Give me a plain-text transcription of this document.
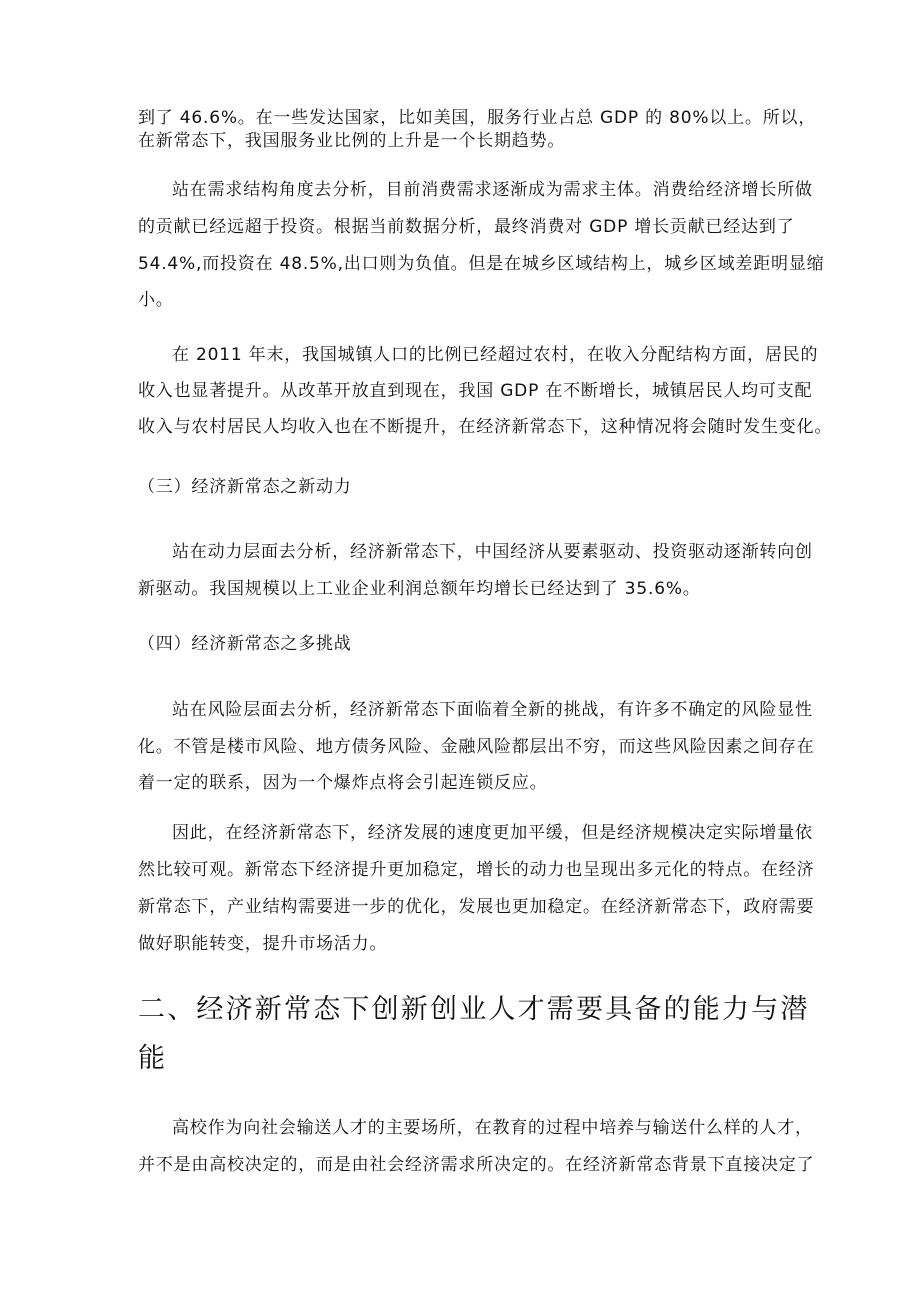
到了 46.6%。在一些发达国家，比如美国，服务行业占总 GDP 的 80%以上。所以，
在新常态下，我国服务业比例的上升是一个长期趋势。
站在需求结构角度去分析，目前消费需求逐渐成为需求主体。消费给经济增长所做
的贡献已经远超于投资。根据当前数据分析，最终消费对 GDP 增长贡献已经达到了
54.4%,而投资在 48.5%,出口则为负值。但是在城乡区域结构上，城乡区域差距明显缩
小。
在 2011 年末，我国城镇人口的比例已经超过农村，在收入分配结构方面，居民的
收入也显著提升。从改革开放直到现在，我国 GDP 在不断增长，城镇居民人均可支配
收入与农村居民人均收入也在不断提升，在经济新常态下，这种情况将会随时发生变化。
（三）经济新常态之新动力
站在动力层面去分析，经济新常态下，中国经济从要素驱动、投资驱动逐渐转向创
新驱动。我国规模以上工业企业利润总额年均增长已经达到了 35.6%。
（四）经济新常态之多挑战
站在风险层面去分析，经济新常态下面临着全新的挑战，有许多不确定的风险显性
化。不管是楼市风险、地方债务风险、金融风险都层出不穷，而这些风险因素之间存在
着一定的联系，因为一个爆炸点将会引起连锁反应。
因此，在经济新常态下，经济发展的速度更加平缓，但是经济规模决定实际增量依
然比较可观。新常态下经济提升更加稳定，增长的动力也呈现出多元化的特点。在经济
新常态下，产业结构需要进一步的优化，发展也更加稳定。在经济新常态下，政府需要
做好职能转变，提升市场活力。
二、经济新常态下创新创业人才需要具备的能力与潜
能
高校作为向社会输送人才的主要场所，在教育的过程中培养与输送什么样的人才，
并不是由高校决定的，而是由社会经济需求所决定的。在经济新常态背景下直接决定了
